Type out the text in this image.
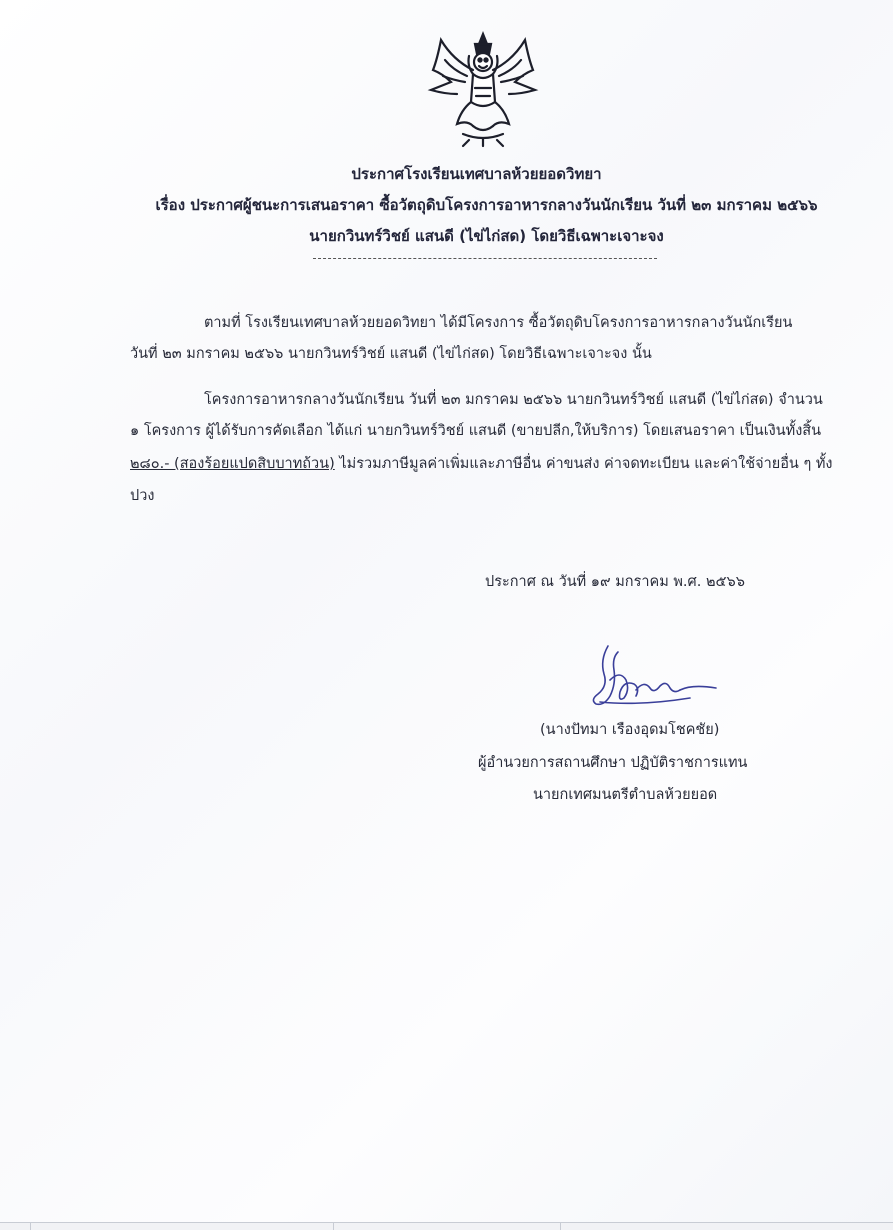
ประกาศโรงเรียนเทศบาลห้วยยอดวิทยา
เรื่อง ประกาศผู้ชนะการเสนอราคา ซื้อวัตถุดิบโครงการอาหารกลางวันนักเรียน วันที่ ๒๓ มกราคม ๒๕๖๖
นายกวินทร์วิชย์ แสนดี (ไข่ไก่สด) โดยวิธีเฉพาะเจาะจง
ตามที่ โรงเรียนเทศบาลห้วยยอดวิทยา ได้มีโครงการ ซื้อวัตถุดิบโครงการอาหารกลางวันนักเรียน
วันที่ ๒๓ มกราคม ๒๕๖๖ นายกวินทร์วิชย์ แสนดี (ไข่ไก่สด) โดยวิธีเฉพาะเจาะจง นั้น
โครงการอาหารกลางวันนักเรียน วันที่ ๒๓ มกราคม ๒๕๖๖ นายกวินทร์วิชย์ แสนดี (ไข่ไก่สด) จำนวน
๑ โครงการ ผู้ได้รับการคัดเลือก ได้แก่ นายกวินทร์วิชย์ แสนดี (ขายปลีก,ให้บริการ) โดยเสนอราคา เป็นเงินทั้งสิ้น
๒๘๐.- (สองร้อยแปดสิบบาทถ้วน) ไม่รวมภาษีมูลค่าเพิ่มและภาษีอื่น ค่าขนส่ง ค่าจดทะเบียน และค่าใช้จ่ายอื่น ๆ ทั้ง
ปวง
ประกาศ ณ วันที่ ๑๙ มกราคม พ.ศ. ๒๕๖๖
(นางปัทมา เรืองอุดมโชคชัย)
ผู้อำนวยการสถานศึกษา ปฏิบัติราชการแทน
นายกเทศมนตรีตำบลห้วยยอด
